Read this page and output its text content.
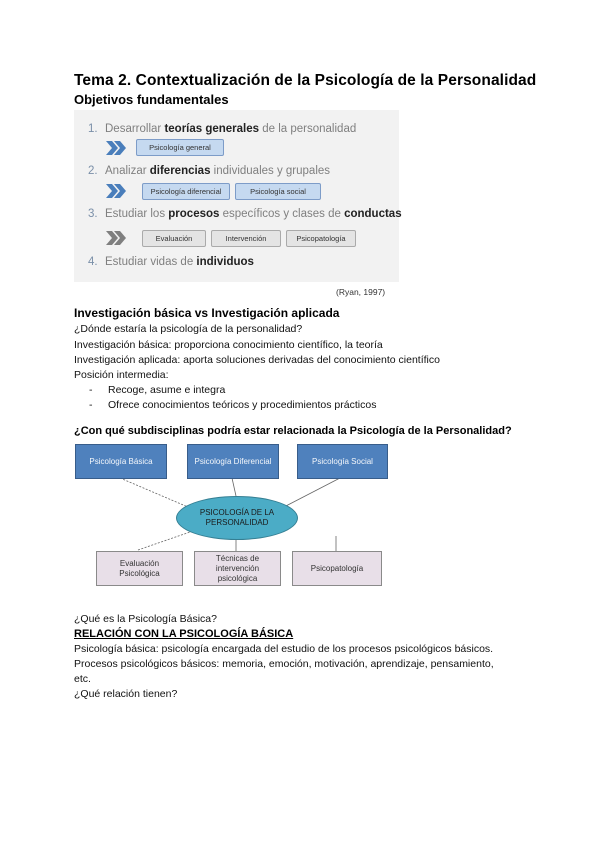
Tema 2. Contextualización de la Psicología de la Personalidad
Objetivos fundamentales
1. Desarrollar teorías generales de la personalidad
Psicología general
2. Analizar diferencias individuales y grupales
Psicología diferencial	Psicología social
3. Estudiar los procesos específicos y clases de conductas
Evaluación	Intervención	Psicopatología
4. Estudiar vidas de individuos
(Ryan, 1997)
Investigación básica vs Investigación aplicada
¿Dónde estaría la psicología de la personalidad?
Investigación básica: proporciona conocimiento científico, la teoría
Investigación aplicada: aporta soluciones derivadas del conocimiento científico
Posición intermedia:
- Recoge, asume e integra
- Ofrece conocimientos teóricos y procedimientos prácticos
¿Con qué subdisciplinas podría estar relacionada la Psicología de la Personalidad?
Psicología Básica	Psicología Diferencial	Psicología Social
PSICOLOGÍA DE LA PERSONALIDAD
Evaluación Psicológica
Técnicas de intervención psicológica
Psicopatología
¿Qué es la Psicología Básica?
RELACIÓN CON LA PSICOLOGÍA BÁSICA
Psicología básica: psicología encargada del estudio de los procesos psicológicos básicos.
Procesos psicológicos básicos: memoria, emoción, motivación, aprendizaje, pensamiento,
etc.
¿Qué relación tienen?
